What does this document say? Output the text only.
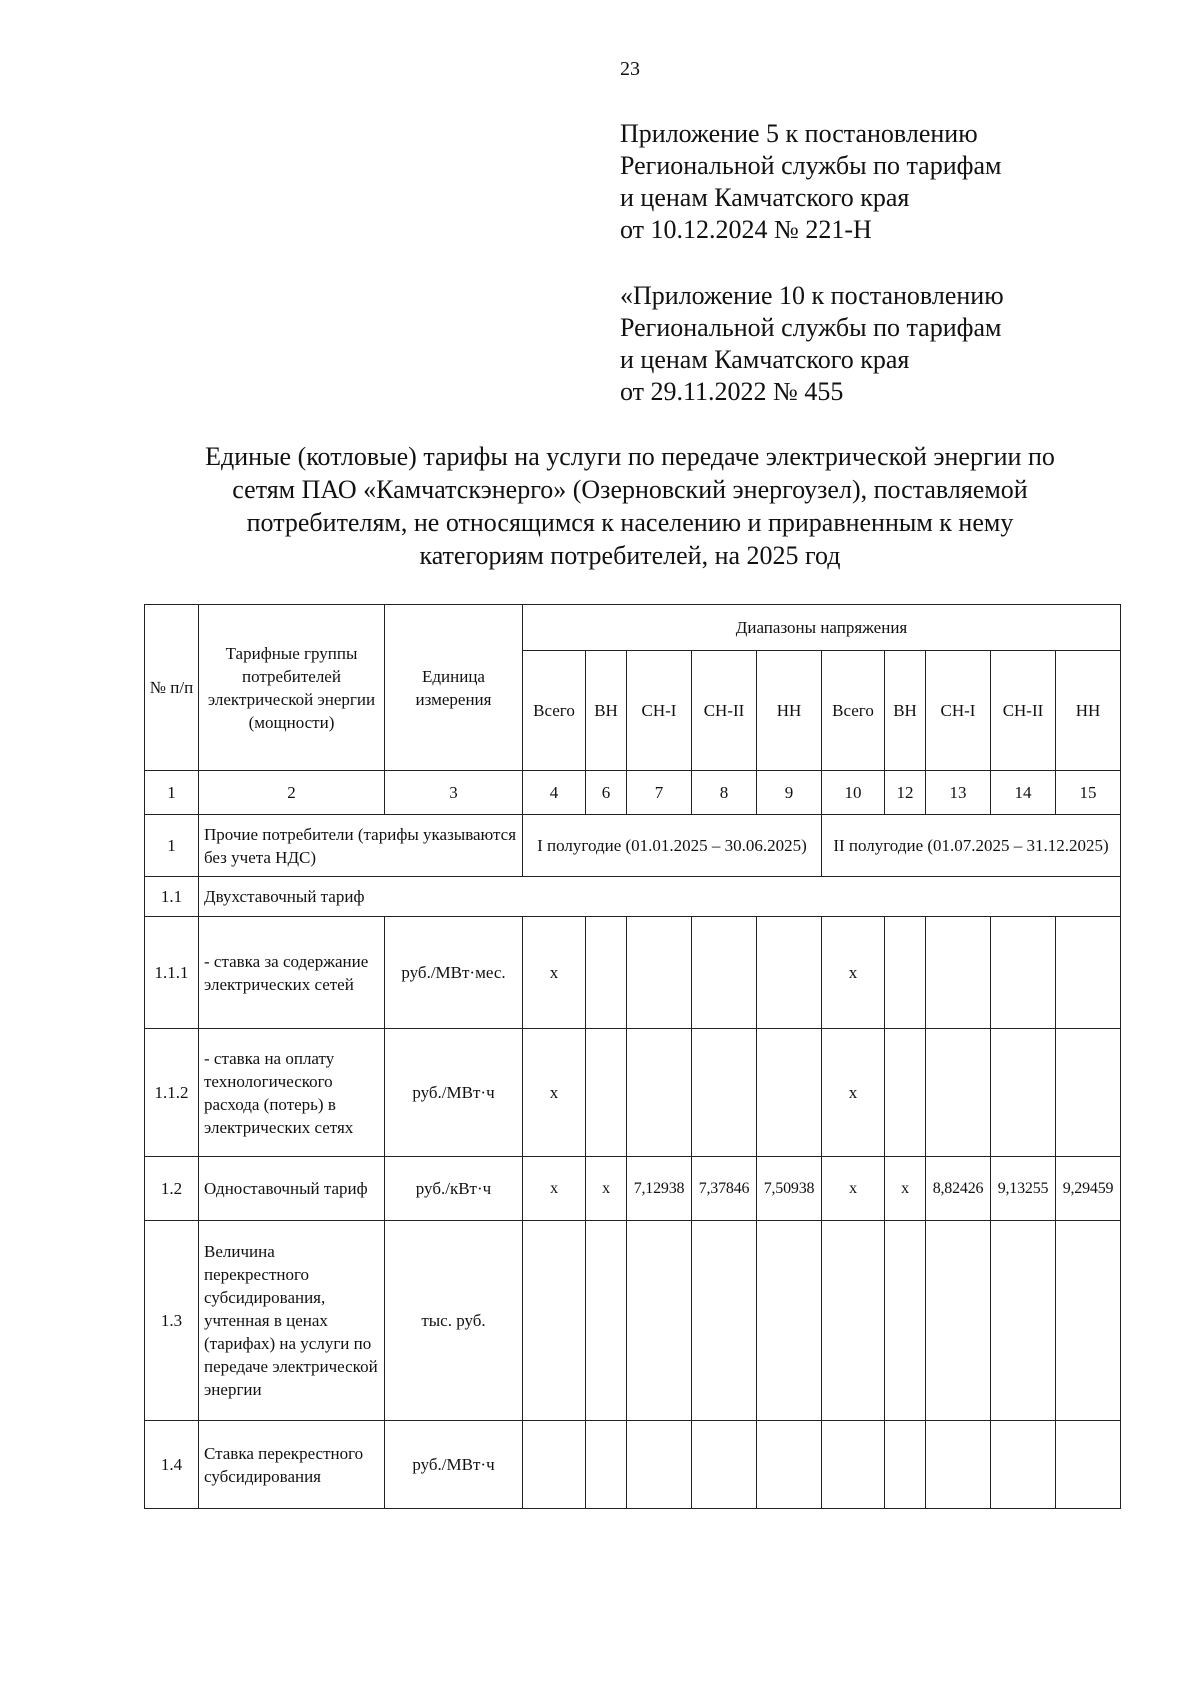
23
Приложение 5 к постановлению
Региональной службы по тарифам
и ценам Камчатского края
от 10.12.2024 № 221-Н
«Приложение 10 к постановлению
Региональной службы по тарифам
и ценам Камчатского края
от 29.11.2022 № 455
Единые (котловые) тарифы на услуги по передаче электрической энергии по
сетям ПАО «Камчатскэнерго» (Озерновский энергоузел), поставляемой
потребителям, не относящимся к населению и приравненным к нему
категориям потребителей, на 2025 год
№ п/п	Тарифные группы потребителей электрической энергии (мощности)	Единица измерения	Диапазоны напряжения									
			Всего	ВН	СН-I	СН-II	НН	Всего	ВН	СН-I	СН-II	НН
1	2	3	4	6	7	8	9	10	12	13	14	15
1	Прочие потребители (тарифы указываются без учета НДС)		I полугодие (01.01.2025 – 30.06.2025)					II полугодие (01.07.2025 – 31.12.2025)				
1.1	Двухставочный тариф											
1.1.1	- ставка за содержание электрических сетей	руб./МВт·мес.	х					х				
1.1.2	- ставка на оплату технологического расхода (потерь) в электрических сетях	руб./МВт·ч	х					х				
1.2	Одноставочный тариф	руб./кВт·ч	х	х	7,12938	7,37846	7,50938	х	х	8,82426	9,13255	9,29459
1.3	Величина перекрестного субсидирования, учтенная в ценах (тарифах) на услуги по передаче электрической энергии	тыс. руб.										
1.4	Ставка перекрестного субсидирования	руб./МВт·ч										
